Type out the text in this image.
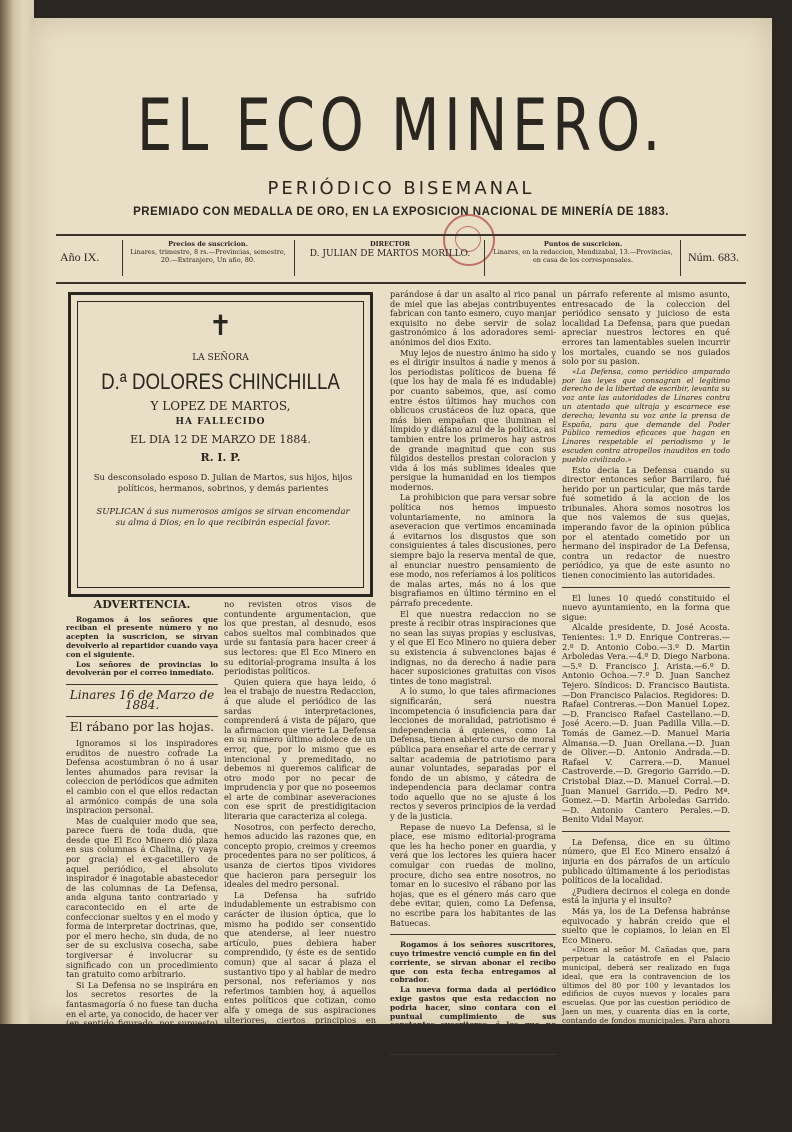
EL ECO MINERO.
PERIÓDICO BISEMANAL
PREMIADO CON MEDALLA DE ORO, EN LA EXPOSICION NACIONAL DE MINERÍA DE 1883.
Año IX.
Precios de suscricion.
Linares, trimestre, 8 rs.—Provincias, semestre, 20.—Extranjero, Un año, 80.
DIRECTOR
D. JULIAN DE MARTOS MORILLO.
Puntos de suscricion.
Linares, en la redaccion, Mendizabal, 13.—Provincias, en casa de los corresponsales.	Núm. 683.
✝
LA SEÑORA
D.ª DOLORES CHINCHILLA
Y LOPEZ DE MARTOS,
HA FALLECIDO
EL DIA 12 DE MARZO DE 1884.
R. I. P.
Su desconsolado esposo D. Julian de Martos, sus hijos, hijos políticos, hermanos, sobrinos, y demás parientes
SUPLICAN á sus numerosos amigos se sirvan encomendar su alma á Dios; en lo que recibirán especial favor.
ADVERTENCIA.

Rogamos á los señores que reciban el presente número y no acepten la suscricion, se sirvan devolverlo al repartidor cuando vaya con el siguiente.

Los señores de provincias lo devolverán por el correo inmediato.

Linares 16 de Marzo de 1884.
El rábano por las hojas.

Ignoramos si los inspiradores eruditos de nuestro cofrade La Defensa acostumbran ó no á usar lentes ahumados para revisar la coleccion de periódicos que admiten el cambio con el que ellos redactan al armónico compás de una sola inspiracion personal.

Mas de cualquier modo que sea, parece fuera de toda duda, que desde que El Eco Minero dió plaza en sus columnas á Chalina, (y vaya por gracia) el ex-gacetillero de aquel periódico, el absoluto inspirador é inagotable abastecedor de las columnas de La Defensa, anda alguna tanto contrariado y caracontecido en el arte de confeccionar sueltos y en el modo y forma de interpretar doctrinas, que, por el mero hecho, sin duda, de no ser de su exclusiva cosecha, sabe torgiversar é involucrar su significado con un procedimiento tan gratuito como arbitrario.

Si La Defensa no se inspirára en los secretos resortes de la fantasmagoría ó no fuese tan ducha en el arte, ya conocido, de hacer ver (en sentido figurado, por supuesto) lo blanco de color negro y viceversa, comprendería que sus asertos

no revisten otros visos de contundente argumentacion, que los que prestan, al desnudo, esos cabos sueltos mal combinados que urde su fantasía para hacer creer á sus lectores: que El Eco Minero en su editorial-programa insulta á los periodistas políticos.

Quien quiera que haya leido, ó lea el trabajo de nuestra Redaccion, á que alude el periódico de las sardas interpretaciones, comprenderá á vista de pájaro, que la afirmacion que vierte La Defensa en su número último adolece de un error, que, por lo mismo que es intencional y premeditado, no debemos ni queremos calificar de otro modo por no pecar de imprudencia y por que no poseemos el arte de combinar aseveraciones con ese sprit de prestidigitacion literaria que caracteriza al colega.

Nosotros, con perfecto derecho, hemos aducido las razones que, en concepto propio, creimos y creemos procedentes para no ser políticos, á usanza de ciertos tipos vividores que hacieron para perseguir los ideales del medro personal.

La Defensa ha sufrido indudablemente un estrabismo con carácter de ilusion óptica, que lo mismo ha podido ser consentido que atenderse, al leer nuestro artículo, pues debiera haber comprendido, (y éste es de sentido comun) que al sacar á plaza el sustantivo tipo y al hablar de medro personal, nos referíamos y nos referimos tambien hoy, á aquellos entes políticos que cotizan, como alfa y omega de sus aspiraciones ulteriores, ciertos principios en sentido utilitario y solo favorable á sus medros personales, con exclusion del bien general del público.

Nuestro compañero local sabe muy bien que por los valles tenebrosos de la prensa de cierto color político, vegetaron algunos zánganos, cuya mision laboriosa es rondar la colmena de los medros personales, pre-

parándose á dar un asalto al rico panal de miel que las abejas contribuyentes fabrican con tanto esmero, cuyo manjar exquisito no debe servir de solaz gastronómico á los adoradores semi-anónimos del dios Exito.

Muy lejos de nuestro ánimo ha sido y es el dirigir insultos á nadie y menos á los periodistas políticos de buena fé (que los hay de mala fé es indudable) por cuanto sabemos, que, así como entre éstos últimos hay muchos con oblicuos crustáceos de luz opaca, que más bien empañan que iluminan el límpido y diáfano azul de la política, así tambien entre los primeros hay astros de grande magnitud que con sus fúlgidos destellos prestan coloracion y vida á los más sublimes ideales que persigue la humanidad en los tiempos modernos.

La prohibicion que para versar sobre política nos hemos impuesto voluntariamente, no aminora la aseveracion que vertimos encaminada á evitarnos los disgustos que son consiguientes á tales discusiones, pero siempre bajo la reserva mental de que, al enunciar nuestro pensamiento de ese modo, nos referíamos á los políticos de malas artes, más no á los que bisgrafiamos en último término en el párrafo precedente.

El que nuestra redaccion no se preste á recibir otras inspiraciones que no sean las suyas propias y esclusivas, y el que El Eco Minero no quiera deber su existencia á subvenciones bajas é indignas, no da derecho á nadie para hacer suposiciones gratuitas con visos tintes de tono magistral.

A lo sumo, lo que tales afirmaciones significarán, será nuestra incompetencia ó insuficiencia para dar lecciones de moralidad, patriotismo é independencia á quienes, como La Defensa, tienen abierto curso de moral pública para enseñar el arte de cerrar y saltar academia de patriotismo para aunar voluntades, separadas por el fondo de un abismo, y cátedra de independencia para declamar contra todo aquello que no se ajuste á los rectos y severos principios de la verdad y de la justicia.

Repase de nuevo La Defensa, si le place, ese mismo editorial-programa que les ha hecho poner en guardia, y verá que los lectores les quiera hacer comulgar con ruedas de molino, procure, dicho sea entre nosotros, no tomar en lo sucesivo el rábano por las hojas, que es el género más caro que debe evitar, quien, como La Defensa, no escribe para los habitantes de las Batuecas.

Rogamos á los señores suscritores, cuyo trimestre venció cumple en fin del corriente, se sirvan abonar el recibo que con esta fecha entregamos al cobrador.

La nueva forma dada al periódico exige gastos que esta redaccion no podria hacer, sino contara con el puntual cumplimiento de sus constantes suscritores, á los que no cobró nunca por adelantado en la localidad.

Como no disponemos del tiempo necesario para apreciar con detalles la importancia que revisten ciertos hechos aspereza y baladíes, que algunas veces se permiten menospreciar la libertad del escritor, copiamos á continuacion

un párrafo referente al mismo asunto, entresacado de la coleccion del periódico sensato y juicioso de esta localidad La Defensa, para que puedan apreciar nuestros lectores en qué errores tan lamentables suelen incurrir los mortales, cuando se nos guiados solo por su pasion.

«La Defensa, como periódico amparado por las leyes que consagran el legítimo derecho de la libertad de escribir, levanta su voz ante las autoridades de Linares contra un atentado que ultraja y escarnece ese derecho; levanta su voz ante la prensa de España, para que demande del Poder Público remedios eficaces que hagan en Linares respetable el periodismo y le escuden contra atropellos inauditos en todo pueblo civilizado.»

Esto decia La Defensa cuando su director entonces señor Barrilaro, fué herido por un particular, que más tarde fué sometido á la accion de los tribunales. Ahora somos nosotros los que nos valemos de sus quejas, imperando favor de la opinion pública por el atentado cometido por un hermano del inspirador de La Defensa, contra un redactor de nuestro periódico, ya que de este asunto no tienen conocimiento las autoridades.

El lunes 10 quedó constituido el nuevo ayuntamiento, en la forma que sigue:

Alcalde presidente, D. José Acosta. Tenientes: 1.º D. Enrique Contreras.—2.º D. Antonio Cobo.—3.º D. Martin Arboledas Vera.—4.º D. Diego Narbona.—5.º D. Francisco J. Arista.—6.º D. Antonio Ochoa.—7.º D. Juan Sanchez Tejero. Síndicos: D. Francisco Bautista.—Don Francisco Palacios. Regidores: D. Rafael Contreras.—Don Manuel Lopez.—D. Francisco Rafael Castellano.—D. José Acero.—D. Juan Padilla Villa.—D. Tomás de Gamez.—D. Manuel Maria Almansa.—D. Juan Orellana.—D. Juan de Oliver.—D. Antonio Andrada.—D. Rafael V. Carrera.—D. Manuel Castroverde.—D. Gregorio Garrido.—D. Cristobal Diaz.—D. Manuel Corral.—D. Juan Manuel Garrido.—D. Pedro Mª. Gomez.—D. Martin Arboledas Garrido.—D. Antonio Cantero Perales.—D. Benito Vidal Mayor.

La Defensa, dice en su último número, que El Eco Minero ensalzó á injuria en dos párrafos de un artículo publicado últimamente á los periodistas políticos de la localidad.

¿Pudiera decirnos el colega en donde está la injuria y el insulto?

Más ya, los de La Defensa habránse equivocado y habrán creido que el suelto que le copiamos, lo leian en El Eco Minero.

«Dicen al señor M. Cañadas que, para perpetuar la catástrofe en el Palacio municipal, deberá ser realizado en fuga ideal, que era la contravencion de los últimos del 80 por 100 y levantados los edificios de cuyos nuevos y locales para escuelas. Que por las cuestion periódico de Jaen un mes, y cuarenta días en la corte, contando de fondos municipales. Para ahora que gracias á Dios han suspendido esa subasta que era, como dicen en Cádiz, un gueo cerrado, ¿qué queda de tantas informaciones M. Cañadas atreva á sus parroquianos? Continuar el público á quien oírlo en este! ¿Qué vá á suceder si se vuelve á la subasta
